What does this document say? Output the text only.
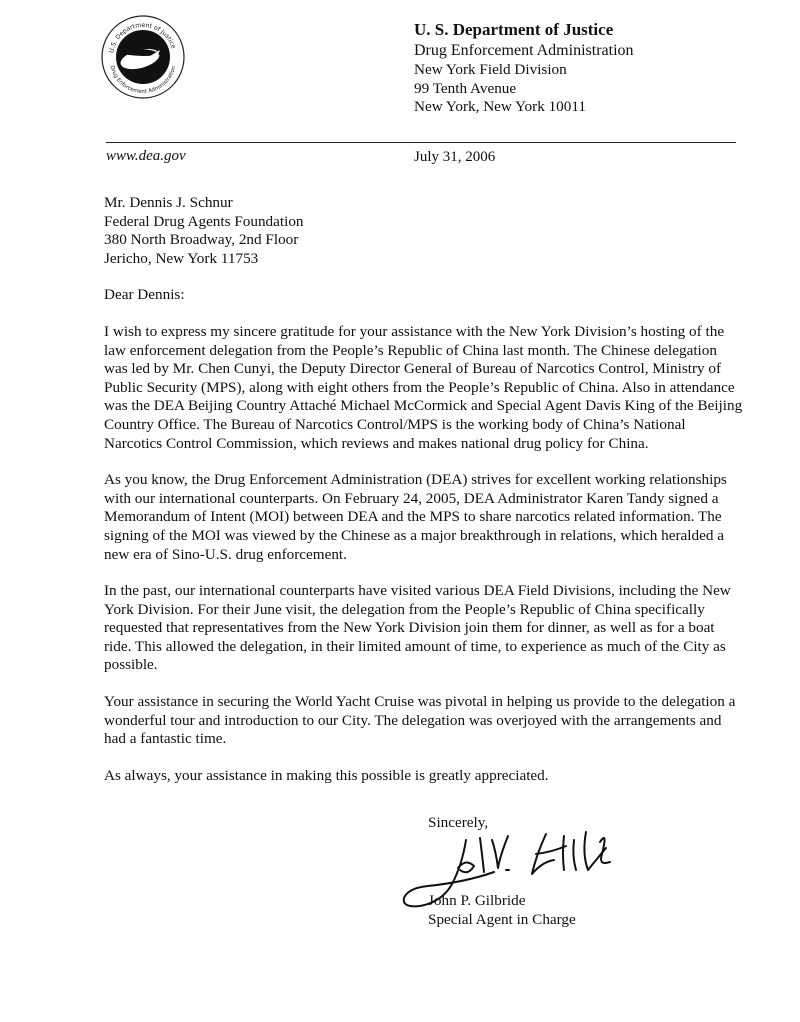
U.S. Department of Justice
Drug Enforcement Administration
U. S. Department of Justice
Drug Enforcement Administration
New York Field Division
99 Tenth Avenue
New York, New York 10011
www.dea.gov	July 31, 2006
Mr. Dennis J. Schnur
Federal Drug Agents Foundation
380 North Broadway, 2nd Floor
Jericho, New York 11753
Dear Dennis:

I wish to express my sincere gratitude for your assistance with the New York Division’s hosting of the law enforcement delegation from the People’s Republic of China last month. The Chinese delegation was led by Mr. Chen Cunyi, the Deputy Director General of Bureau of Narcotics Control, Ministry of Public Security (MPS), along with eight others from the People’s Republic of China. Also in attendance was the DEA Beijing Country Attaché Michael McCormick and Special Agent Davis King of the Beijing Country Office. The Bureau of Narcotics Control/MPS is the working body of China’s National Narcotics Control Commission, which reviews and makes national drug policy for China.

As you know, the Drug Enforcement Administration (DEA) strives for excellent working relationships with our international counterparts. On February 24, 2005, DEA Administrator Karen Tandy signed a Memorandum of Intent (MOI) between DEA and the MPS to share narcotics related information. The signing of the MOI was viewed by the Chinese as a major breakthrough in relations, which heralded a new era of Sino-U.S. drug enforcement.

In the past, our international counterparts have visited various DEA Field Divisions, including the New York Division. For their June visit, the delegation from the People’s Republic of China specifically requested that representatives from the New York Division join them for dinner, as well as for a boat ride. This allowed the delegation, in their limited amount of time, to experience as much of the City as possible.

Your assistance in securing the World Yacht Cruise was pivotal in helping us provide to the delegation a wonderful tour and introduction to our City. The delegation was overjoyed with the arrangements and had a fantastic time.

As always, your assistance in making this possible is greatly appreciated.

Sincerely,
John P. Gilbride
Special Agent in Charge
